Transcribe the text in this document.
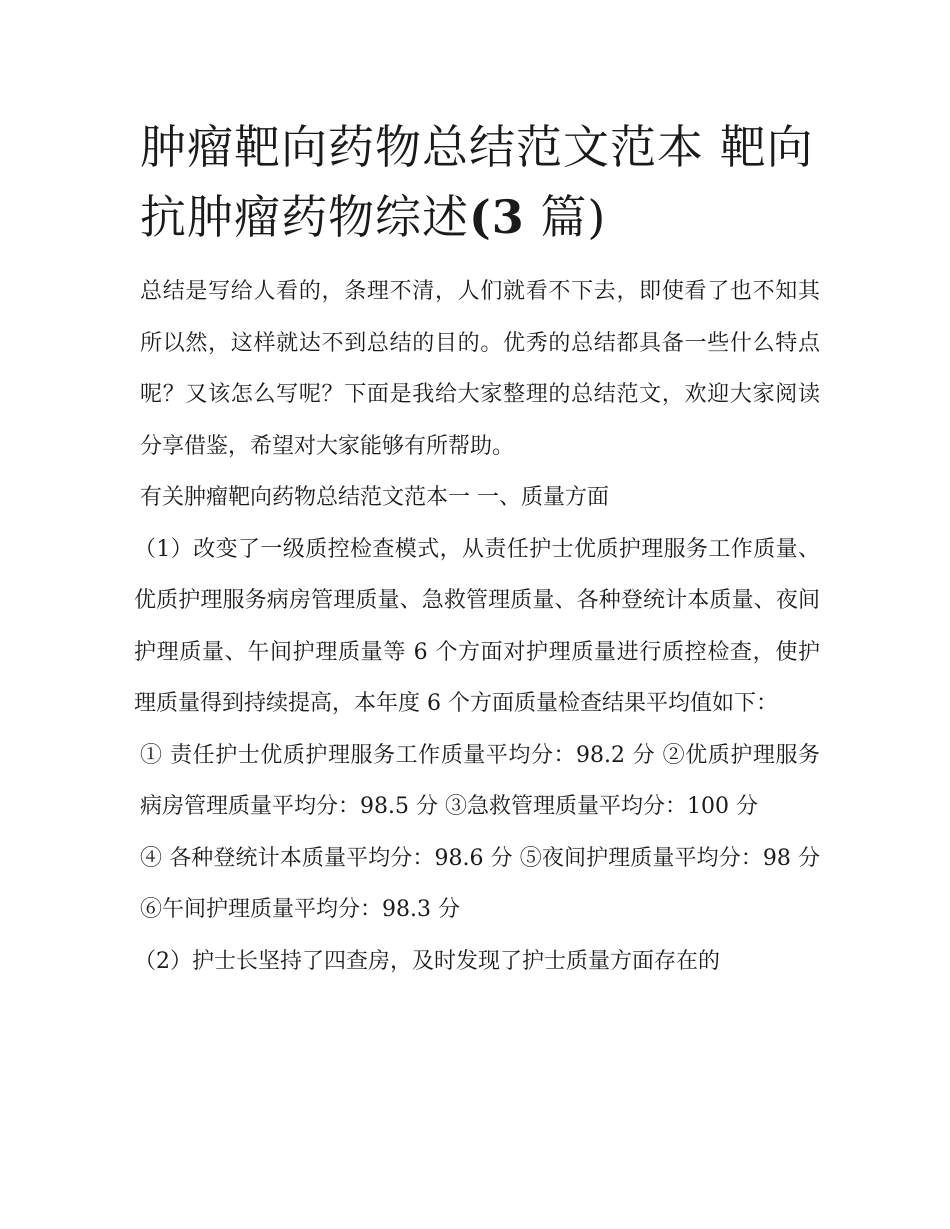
肿瘤靶向药物总结范文范本 靶向抗肿瘤药物综述(3 篇)

总结是写给人看的，条理不清，人们就看不下去，即使看了也不知其所以然，这样就达不到总结的目的。优秀的总结都具备一些什么特点呢？又该怎么写呢？下面是我给大家整理的总结范文，欢迎大家阅读分享借鉴，希望对大家能够有所帮助。

有关肿瘤靶向药物总结范文范本一 一、质量方面

（1）改变了一级质控检查模式，从责任护士优质护理服务工作质量、优质护理服务病房管理质量、急救管理质量、各种登统计本质量、夜间护理质量、午间护理质量等 6 个方面对护理质量进行质控检查，使护理质量得到持续提高，本年度 6 个方面质量检查结果平均值如下：

① 责任护士优质护理服务工作质量平均分：98.2 分 ②优质护理服务病房管理质量平均分：98.5 分 ③急救管理质量平均分：100 分

④ 各种登统计本质量平均分：98.6 分 ⑤夜间护理质量平均分：98 分 ⑥午间护理质量平均分：98.3 分

（2）护士长坚持了四查房，及时发现了护士质量方面存在的
